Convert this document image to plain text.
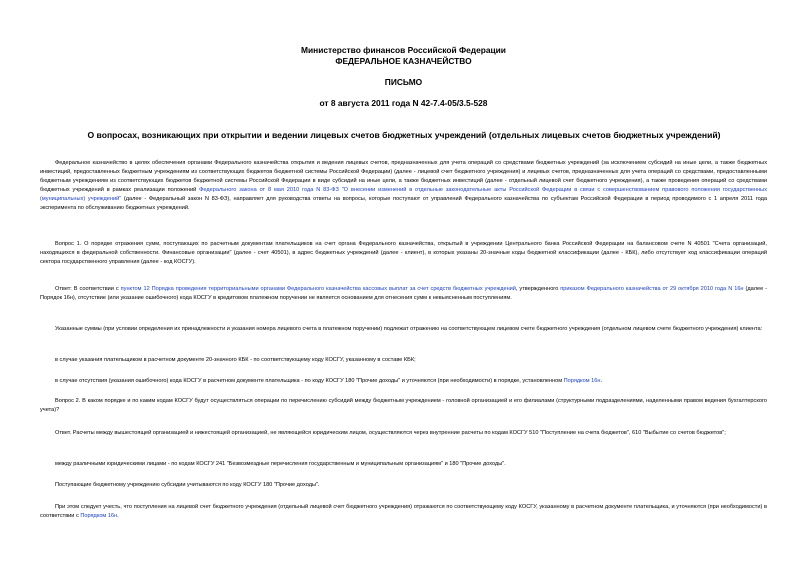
Министерство финансов Российской Федерации
ФЕДЕРАЛЬНОЕ КАЗНАЧЕЙСТВО
ПИСЬМО
от 8 августа 2011 года N 42-7.4-05/3.5-528
О вопросах, возникающих при открытии и ведении лицевых счетов бюджетных учреждений (отдельных лицевых счетов бюджетных учреждений)

Федеральное казначейство в целях обеспечения органами Федерального казначейства открытия и ведения лицевых счетов, предназначенных для учета операций со средствами бюджетных учреждений (за исключением субсидий на иные цели, а также бюджетных инвестиций, предоставленных бюджетным учреждениям из соответствующих бюджетов бюджетной системы Российской Федерации) (далее - лицевой счет бюджетного учреждения) и лицевых счетов, предназначенных для учета операций со средствами, предоставленными бюджетным учреждениям из соответствующих бюджетов бюджетной системы Российской Федерации в виде субсидий на иные цели, а также бюджетных инвестиций (далее - отдельный лицевой счет бюджетного учреждения), а также проведения операций со средствами бюджетных учреждений в рамках реализации положений Федерального закона от 8 мая 2010 года N 83-ФЗ "О внесении изменений в отдельные законодательные акты Российской Федерации в связи с совершенствованием правового положения государственных (муниципальных) учреждений" (далее - Федеральный закон N 83-ФЗ), направляет для руководства ответы на вопросы, которые поступают от управлений Федерального казначейства по субъектам Российской Федерации в период проводимого с 1 апреля 2011 года эксперимента по обслуживанию бюджетных учреждений.

Вопрос 1. О порядке отражения сумм, поступающих по расчетным документам плательщиков на счет органа Федерального казначейства, открытый в учреждении Центрального банка Российской Федерации на балансовом счете N 40501 "Счета организаций, находящихся в федеральной собственности. Финансовые организации" (далее - счет 40501), в адрес бюджетных учреждений (далее - клиент), в которых указаны 20-значные коды бюджетной классификации (далее - КБК), либо отсутствует код классификации операций сектора государственного управления (далее - код КОСГУ).

Ответ: В соответствии с пунктом 12 Порядка проведения территориальными органами Федерального казначейства кассовых выплат за счет средств бюджетных учреждений, утвержденного приказом Федерального казначейства от 29 октября 2010 года N 16н (далее - Порядок 16н), отсутствие (или указание ошибочного) кода КОСГУ в кредитовом платежном поручении не является основанием для отнесения сумм к невыясненным поступлениям.

Указанные суммы (при условии определения их принадлежности и указания номера лицевого счета в платежном поручении) подлежат отражению на соответствующем лицевом счете бюджетного учреждения (отдельном лицевом счете бюджетного учреждения) клиента:

в случае указания плательщиком в расчетном документе 20-значного КБК - по соответствующему коду КОСГУ, указанному в составе КБК;

в случае отсутствия (указания ошибочного) кода КОСГУ в расчетном документе плательщика - по коду КОСГУ 180 "Прочие доходы" и уточняются (при необходимости) в порядке, установленном Порядком 16н.

Вопрос 2. В каком порядке и по каким кодам КОСГУ будут осуществляться операции по перечислению субсидий между бюджетным учреждением - головной организацией и его филиалами (структурными подразделениями, наделенными правом ведения бухгалтерского учета)?

Ответ. Расчеты между вышестоящей организацией и нижестоящей организацией, не являющейся юридическим лицом, осуществляются через внутренние расчеты по кодам КОСГУ 510 "Поступление на счета бюджетов", 610 "Выбытие со счетов бюджетов";

между различными юридическими лицами - по кодам КОСГУ 241 "Безвозмездные перечисления государственным и муниципальным организациям" и 180 "Прочие доходы".

Поступающие бюджетному учреждению субсидии учитываются по коду КОСГУ 180 "Прочие доходы".

При этом следует учесть, что поступления на лицевой счет бюджетного учреждения (отдельный лицевой счет бюджетного учреждения) отражаются по соответствующему коду КОСГУ, указанному в расчетном документе плательщика, и уточняются (при необходимости) в соответствии с Порядком 16н.
